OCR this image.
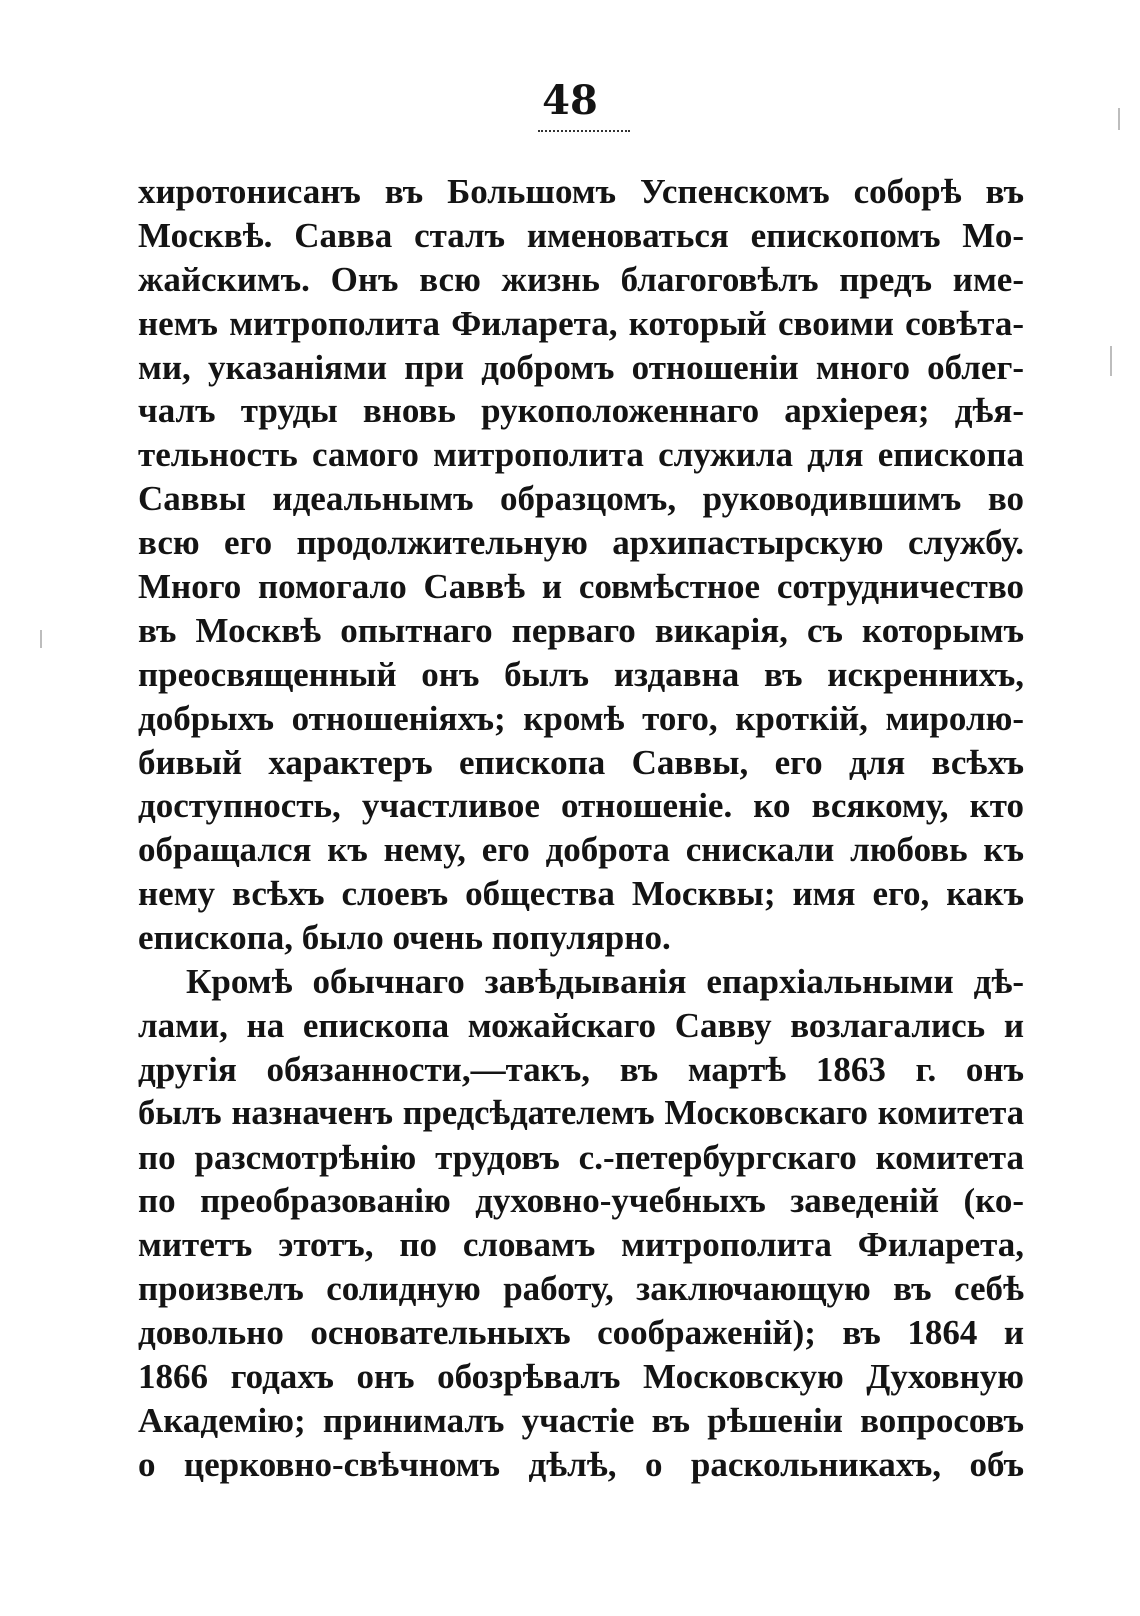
48
хиротонисанъ въ Большомъ Успенскомъ соборѣ въ
Москвѣ. Савва сталъ именоваться епископомъ Мо-
жайскимъ. Онъ всю жизнь благоговѣлъ предъ име-
немъ митрополита Филарета, который своими совѣта-
ми, указаніями при добромъ отношеніи много облег-
чалъ труды вновь рукоположеннаго архіерея; дѣя-
тельность самого митрополита служила для епископа
Саввы идеальнымъ образцомъ, руководившимъ во
всю его продолжительную архипастырскую службу.
Много помогало Саввѣ и совмѣстное сотрудничество
въ Москвѣ опытнаго перваго викарія, съ которымъ
преосвященный онъ былъ издавна въ искреннихъ,
добрыхъ отношеніяхъ; кромѣ того, кроткій, миролю-
бивый характеръ епископа Саввы, его для всѣхъ
доступность, участливое отношеніе. ко всякому, кто
обращался къ нему, его доброта снискали любовь къ
нему всѣхъ слоевъ общества Москвы; имя его, какъ
епископа, было очень популярно.
Кромѣ обычнаго завѣдыванія епархіальными дѣ-
лами, на епископа можайскаго Савву возлагались и
другія обязанности,—такъ, въ мартѣ 1863 г. онъ
былъ назначенъ предсѣдателемъ Московскаго комитета
по разсмотрѣнію трудовъ с.-петербургскаго комитета
по преобразованію духовно-учебныхъ заведеній (ко-
митетъ этотъ, по словамъ митрополита Филарета,
произвелъ солидную работу, заключающую въ себѣ
довольно основательныхъ соображеній); въ 1864 и
1866 годахъ онъ обозрѣвалъ Московскую Духовную
Академію; принималъ участіе въ рѣшеніи вопросовъ
о церковно-свѣчномъ дѣлѣ, о раскольникахъ, объ
